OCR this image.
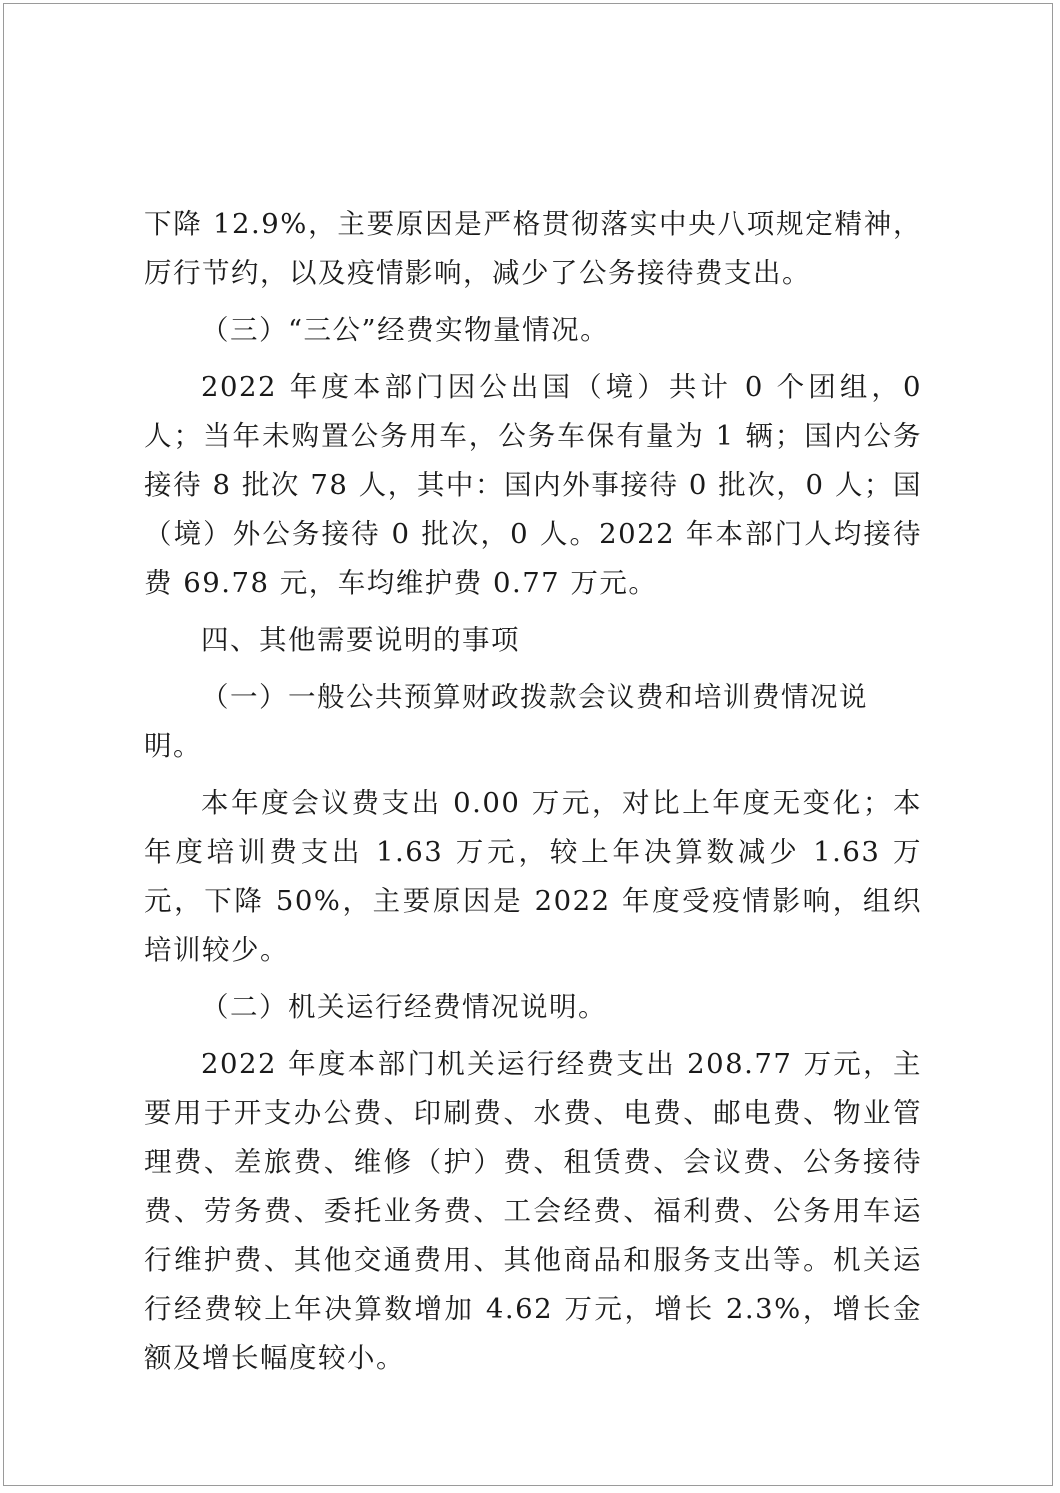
下降 12.9%，主要原因是严格贯彻落实中央八项规定精神，厉行节约，以及疫情影响，减少了公务接待费支出。

（三）“三公”经费实物量情况。

2022 年度本部门因公出国（境）共计 0 个团组，0 人；当年未购置公务用车，公务车保有量为 1 辆；国内公务接待 8 批次 78 人，其中：国内外事接待 0 批次，0 人；国（境）外公务接待 0 批次，0 人。2022 年本部门人均接待费 69.78 元，车均维护费 0.77 万元。

四、其他需要说明的事项

（一）一般公共预算财政拨款会议费和培训费情况说明。

本年度会议费支出 0.00 万元，对比上年度无变化；本年度培训费支出 1.63 万元，较上年决算数减少 1.63 万元，下降 50%，主要原因是 2022 年度受疫情影响，组织培训较少。

（二）机关运行经费情况说明。

2022 年度本部门机关运行经费支出 208.77 万元，主要用于开支办公费、印刷费、水费、电费、邮电费、物业管理费、差旅费、维修（护）费、租赁费、会议费、公务接待费、劳务费、委托业务费、工会经费、福利费、公务用车运行维护费、其他交通费用、其他商品和服务支出等。机关运行经费较上年决算数增加 4.62 万元，增长 2.3%，增长金额及增长幅度较小。
